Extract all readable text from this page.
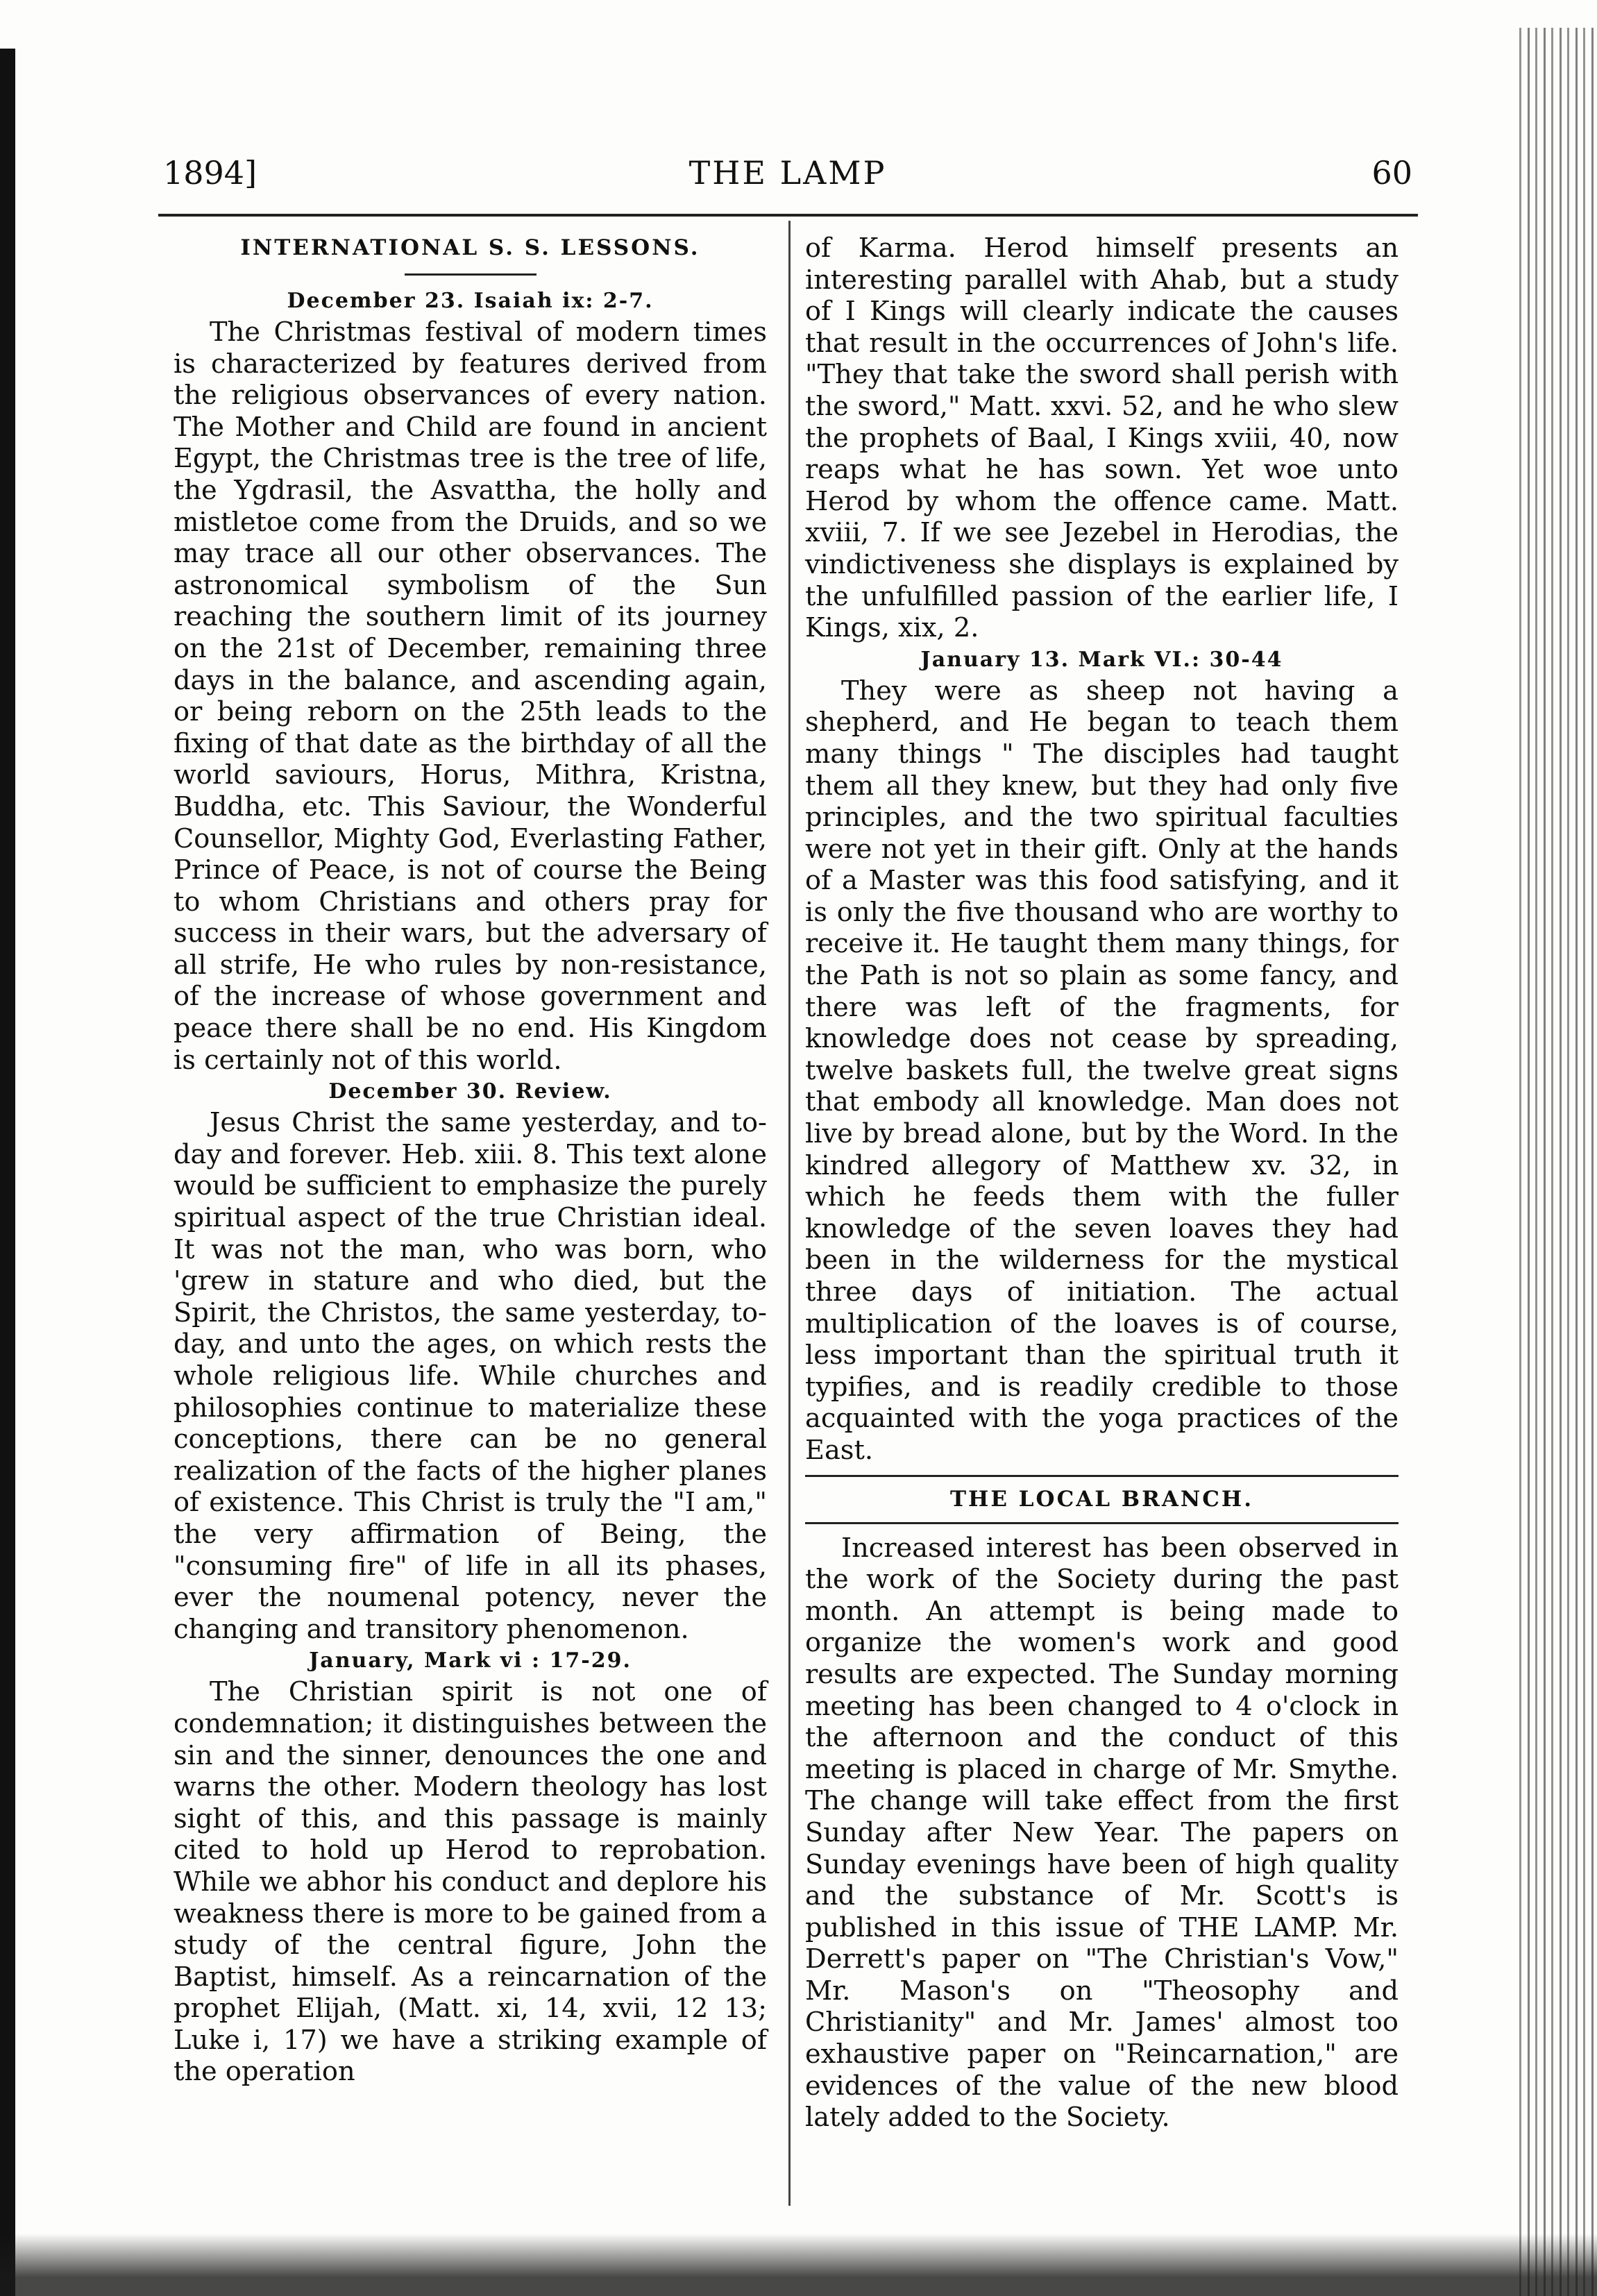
1894]	THE LAMP	60

INTERNATIONAL S. S. LESSONS.

December 23. Isaiah ix: 2-7.

The Christmas festival of modern times is characterized by features derived from the religious observances of every nation. The Mother and Child are found in ancient Egypt, the Christmas tree is the tree of life, the Ygdrasil, the Asvattha, the holly and mistletoe come from the Druids, and so we may trace all our other observances. The astronomical symbolism of the Sun reaching the southern limit of its journey on the 21st of December, remaining three days in the balance, and ascending again, or being reborn on the 25th leads to the fixing of that date as the birthday of all the world saviours, Horus, Mithra, Kristna, Buddha, etc. This Saviour, the Wonderful Counsellor, Mighty God, Everlasting Father, Prince of Peace, is not of course the Being to whom Christians and others pray for success in their wars, but the adversary of all strife, He who rules by non-resistance, of the increase of whose government and peace there shall be no end. His Kingdom is certainly not of this world.

December 30. Review.

Jesus Christ the same yesterday, and to-day and forever. Heb. xiii. 8. This text alone would be sufficient to emphasize the purely spiritual aspect of the true Christian ideal. It was not the man, who was born, who 'grew in stature and who died, but the Spirit, the Christos, the same yesterday, to-day, and unto the ages, on which rests the whole religious life. While churches and philosophies continue to materialize these conceptions, there can be no general realization of the facts of the higher planes of existence. This Christ is truly the "I am," the very affirmation of Being, the "consuming fire" of life in all its phases, ever the noumenal potency, never the changing and transitory phenomenon.

January, Mark vi : 17-29.

The Christian spirit is not one of condemnation; it distinguishes between the sin and the sinner, denounces the one and warns the other. Modern theology has lost sight of this, and this passage is mainly cited to hold up Herod to reprobation. While we abhor his conduct and deplore his weakness there is more to be gained from a study of the central figure, John the Baptist, himself. As a reincarnation of the prophet Elijah, (Matt. xi, 14, xvii, 12 13; Luke i, 17) we have a striking example of the operation

of Karma. Herod himself presents an interesting parallel with Ahab, but a study of I Kings will clearly indicate the causes that result in the occurrences of John's life. "They that take the sword shall perish with the sword," Matt. xxvi. 52, and he who slew the prophets of Baal, I Kings xviii, 40, now reaps what he has sown. Yet woe unto Herod by whom the offence came. Matt. xviii, 7. If we see Jezebel in Herodias, the vindictiveness she displays is explained by the unfulfilled passion of the earlier life, I Kings, xix, 2.

January 13. Mark VI.: 30-44

They were as sheep not having a shepherd, and He began to teach them many things " The disciples had taught them all they knew, but they had only five principles, and the two spiritual faculties were not yet in their gift. Only at the hands of a Master was this food satisfying, and it is only the five thousand who are worthy to receive it. He taught them many things, for the Path is not so plain as some fancy, and there was left of the fragments, for knowledge does not cease by spreading, twelve baskets full, the twelve great signs that embody all knowledge. Man does not live by bread alone, but by the Word. In the kindred allegory of Matthew xv. 32, in which he feeds them with the fuller knowledge of the seven loaves they had been in the wilderness for the mystical three days of initiation. The actual multiplication of the loaves is of course, less important than the spiritual truth it typifies, and is readily credible to those acquainted with the yoga practices of the East.

THE LOCAL BRANCH.

Increased interest has been observed in the work of the Society during the past month. An attempt is being made to organize the women's work and good results are expected. The Sunday morning meeting has been changed to 4 o'clock in the afternoon and the conduct of this meeting is placed in charge of Mr. Smythe. The change will take effect from the first Sunday after New Year. The papers on Sunday evenings have been of high quality and the substance of Mr. Scott's is published in this issue of THE LAMP. Mr. Derrett's paper on "The Christian's Vow," Mr. Mason's on "Theosophy and Christianity" and Mr. James' almost too exhaustive paper on "Reincarnation," are evidences of the value of the new blood lately added to the Society.
